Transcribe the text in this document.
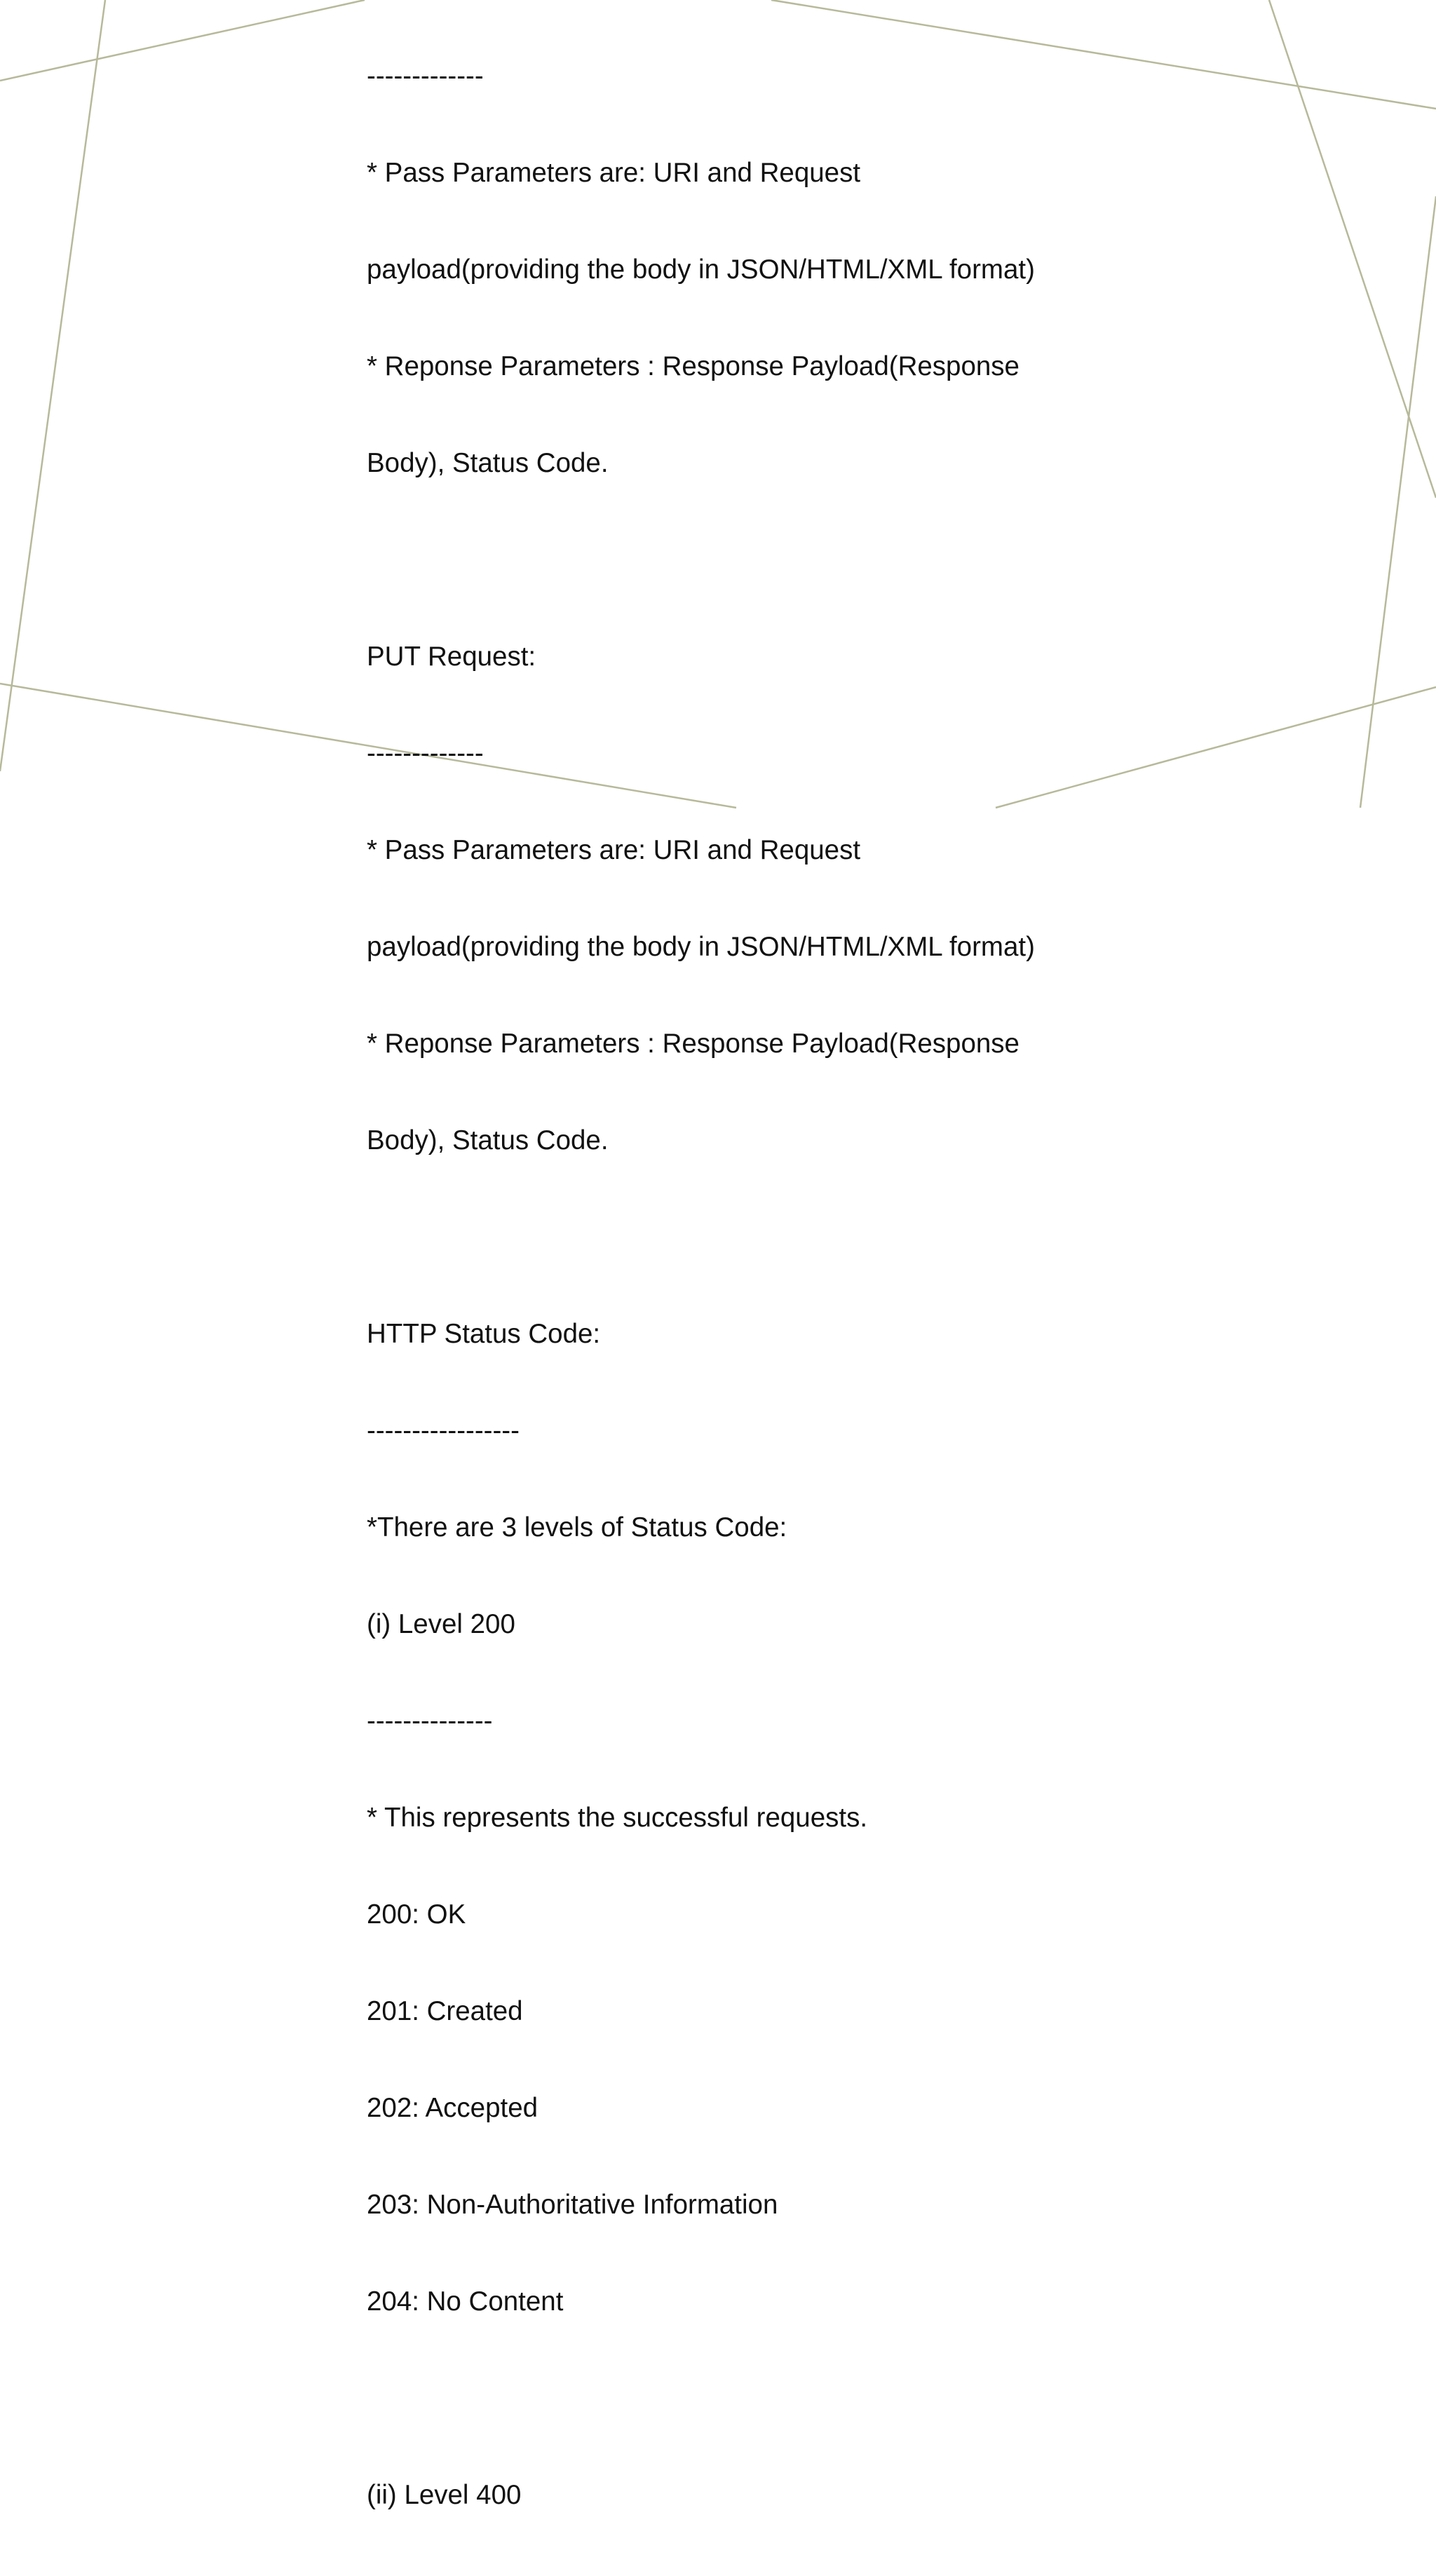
-------------

* Pass Parameters are: URI and Request

payload(providing the body in JSON/HTML/XML format)

* Reponse Parameters : Response Payload(Response

Body), Status Code.

PUT Request:

-------------

* Pass Parameters are: URI and Request

payload(providing the body in JSON/HTML/XML format)

* Reponse Parameters : Response Payload(Response

Body), Status Code.

HTTP Status Code:

-----------------

*There are 3 levels of Status Code:

(i) Level 200

--------------

* This represents the successful requests.

200: OK

201: Created

202: Accepted

203: Non-Authoritative Information

204: No Content

(ii) Level 400
